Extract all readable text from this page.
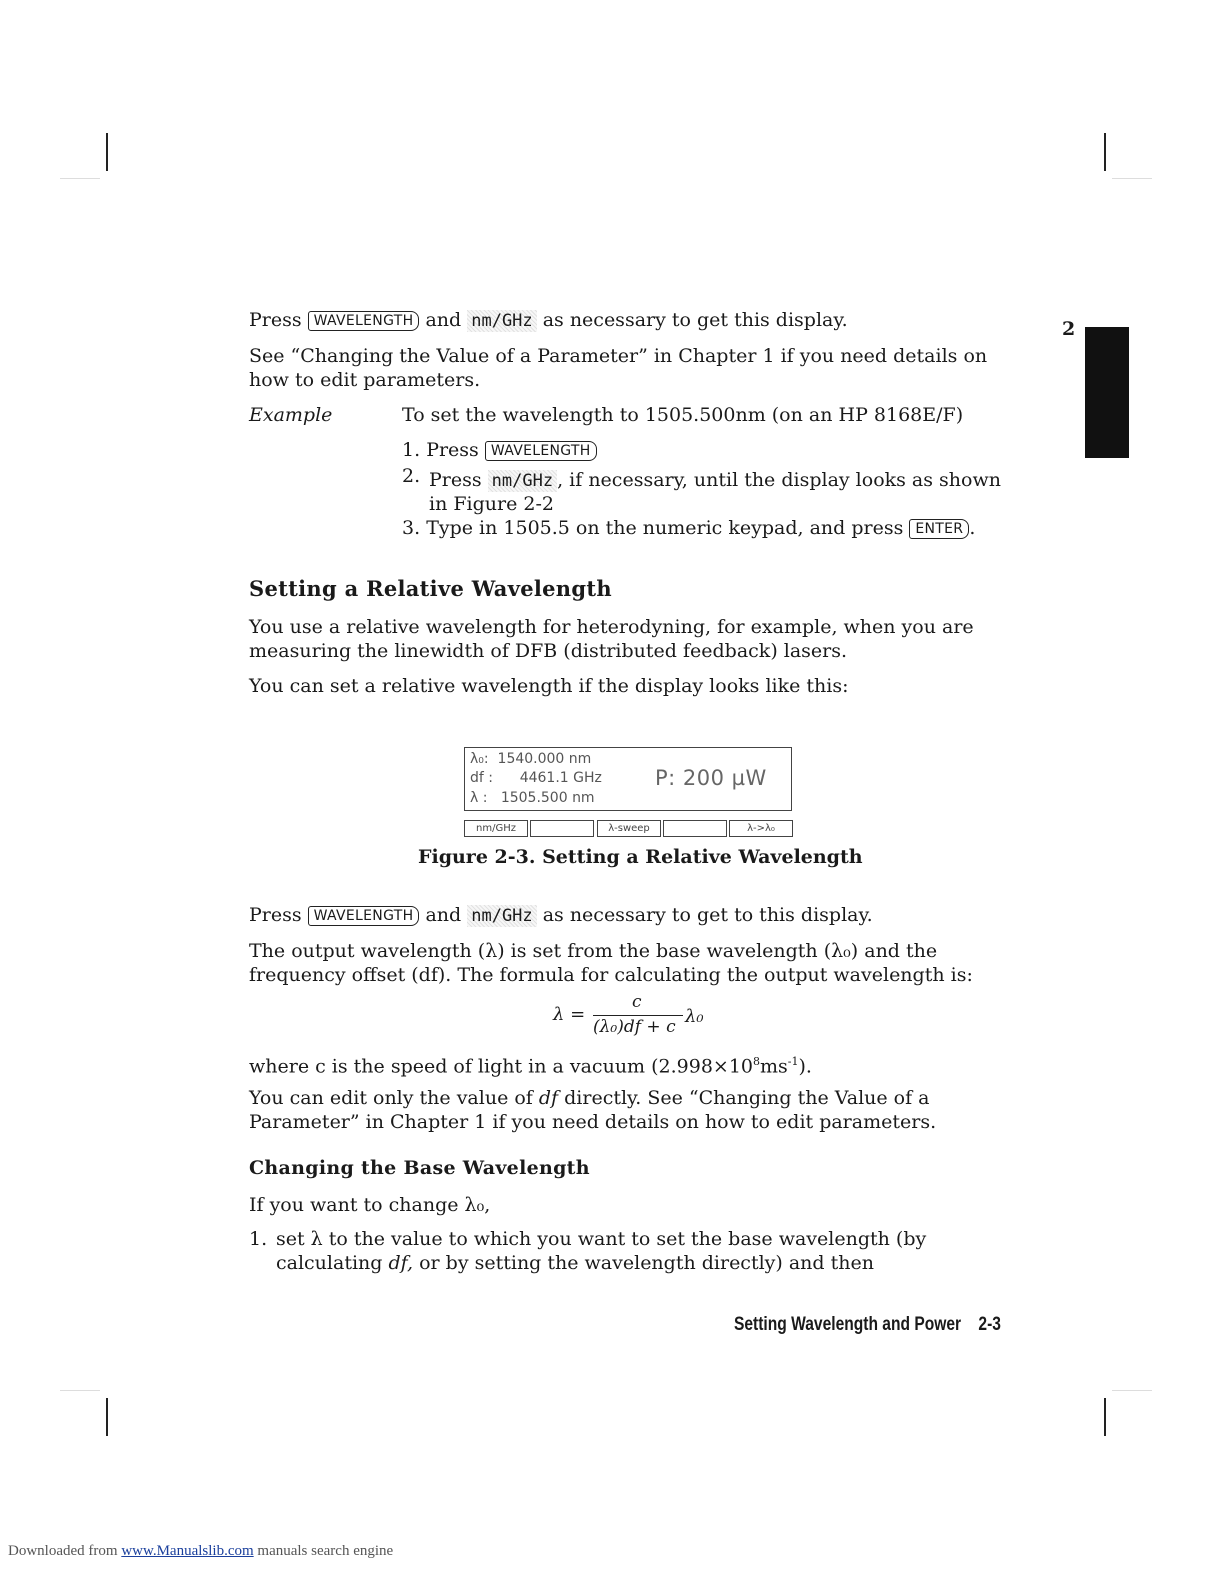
2
Press WAVELENGTH and nm/GHz as necessary to get this display.
See “Changing the Value of a Parameter” in Chapter 1 if you need details on
how to edit parameters.
Example	To set the wavelength to 1505.500nm (on an HP 8168E/F)
1. Press WAVELENGTH
2. Press nm/GHz , if necessary, until the display looks as shown
in Figure 2-2
3. Type in 1505.5 on the numeric keypad, and press ENTER .
Setting a Relative Wavelength
You use a relative wavelength for heterodyning, for example, when you are
measuring the linewidth of DFB (distributed feedback) lasers.
You can set a relative wavelength if the display looks like this:
λ₀: 1540.000 nm
df : 4461.1 GHz
λ : 1505.500 nm
P: 200 µW
nm/GHz	λ-sweep	λ->λ₀
Figure 2-3. Setting a Relative Wavelength
Press WAVELENGTH and nm/GHz as necessary to get to this display.
The output wavelength (λ) is set from the base wavelength (λ₀) and the
frequency offset (df). The formula for calculating the output wavelength is:
λ =
c
(λ₀)df + c λ₀
where c is the speed of light in a vacuum $(2.998\times 10^8ms^{-1})$.
You can edit only the value of df directly. See “Changing the Value of a
Parameter” in Chapter 1 if you need details on how to edit parameters.
Changing the Base Wavelength
If you want to change λ₀,
1. set λ to the value to which you want to set the base wavelength (by
calculating df, or by setting the wavelength directly) and then
Setting Wavelength and Power 2-3
Downloaded from www.Manualslib.com manuals search engine
